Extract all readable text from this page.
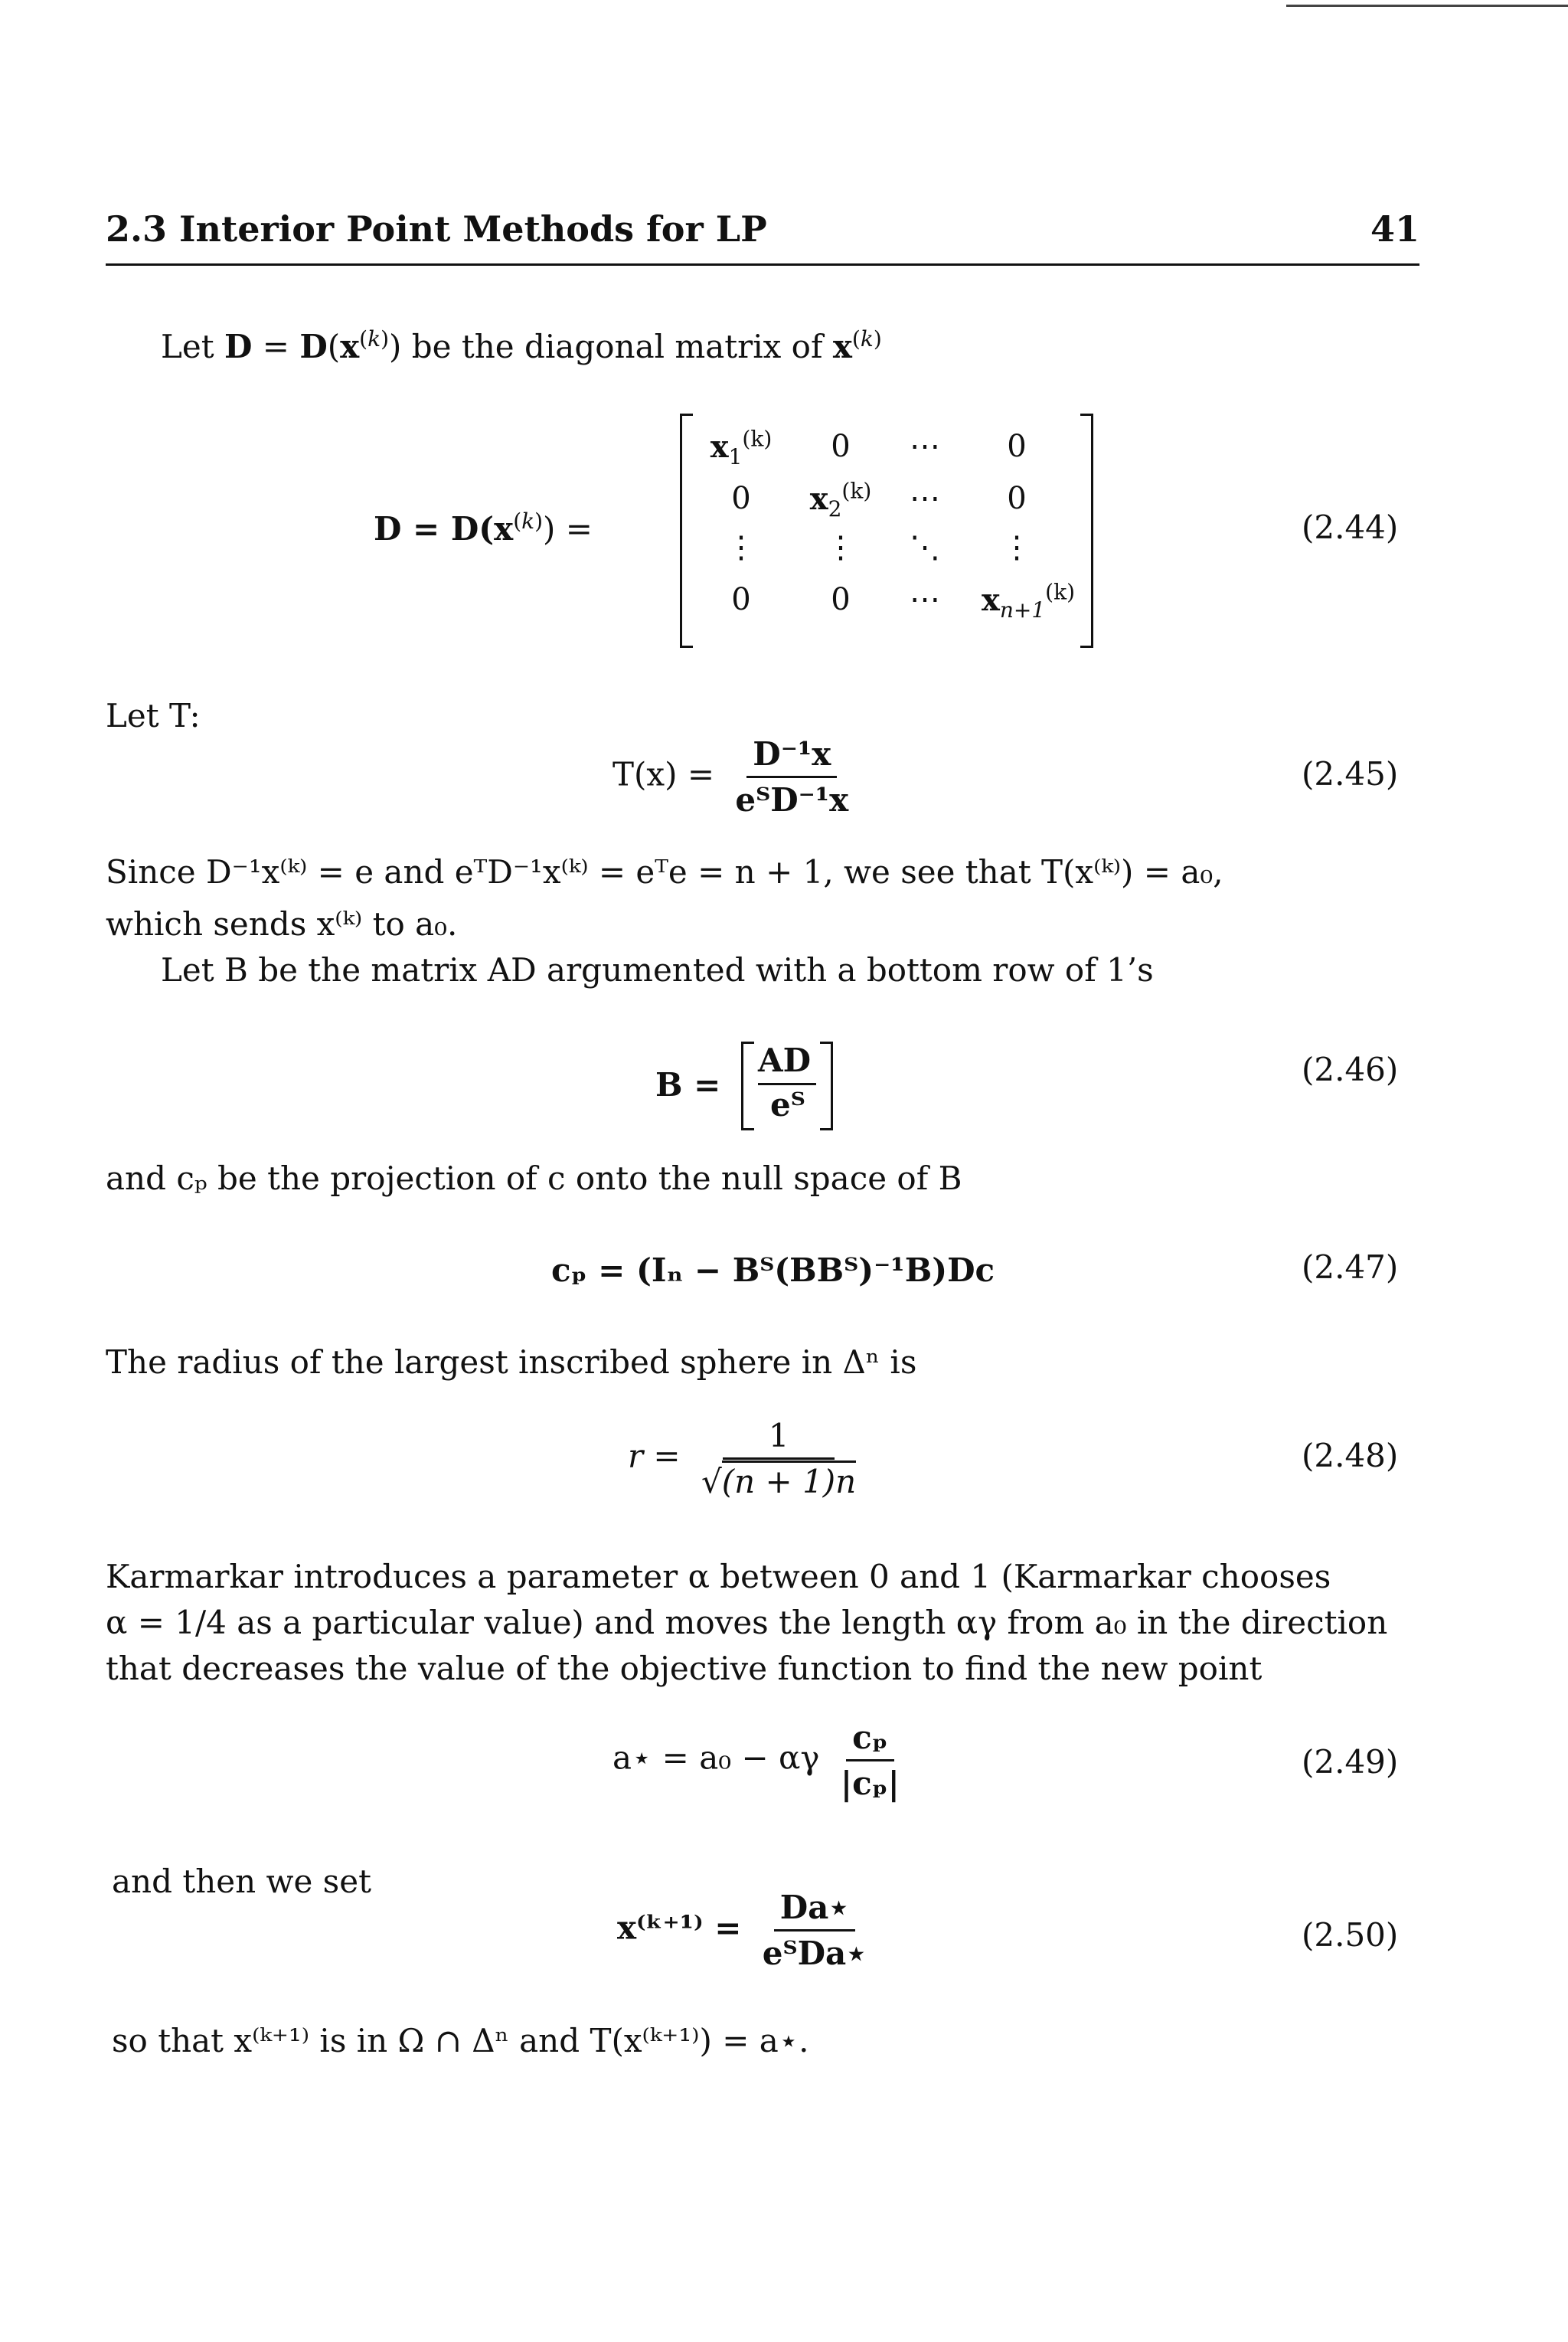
2.3 Interior Point Methods for LP	41
Let $D = D(x^{(k)})$ be the diagonal matrix of $x^{(k)}$
$D = D(x^{(k)})$ =
$x_1^{(k)}$	0	⋯	0
0	$x_2^{(k)}$	⋯	0
⋮	⋮	⋱	⋮
0	0	⋯	$x_{n+1}^{(k)}$
(2.44)
Let T:
$T(x) = \frac{\text{D⁻¹x}}{\text{eᵀD⁻¹x}}$	(2.45)
Since D⁻¹x⁽ᵏ⁾ = e and eᵀD⁻¹x⁽ᵏ⁾ = eᵀe = n + 1, we see that T(x⁽ᵏ⁾) = a₀,
which sends x⁽ᵏ⁾ to a₀.
Let B be the matrix AD argumented with a bottom row of 1’s
B =
AD
eᵀ
(2.46)
and cₚ be the projection of c onto the null space of B
cₚ = (Iₙ − Bᵀ(BBᵀ)⁻¹B)Dc	(2.47)
The radius of the largest inscribed sphere in Δⁿ is
$r = \frac{1}{√(n + 1)n}$	(2.48)
Karmarkar introduces a parameter α between 0 and 1 (Karmarkar chooses
α = 1/4 as a particular value) and moves the length αγ from a₀ in the direction
that decreases the value of the objective function to find the new point
a⋆ = a₀ − αγ $\frac{\text{cₚ}}{\text{|cₚ|}}$	(2.49)
and then we set
x⁽ᵏ⁺¹⁾ = $\frac{Da⋆}{\text{eᵀDa⋆}}$	(2.50)
so that x⁽ᵏ⁺¹⁾ is in Ω ∩ Δⁿ and T(x⁽ᵏ⁺¹⁾) = a⋆.
